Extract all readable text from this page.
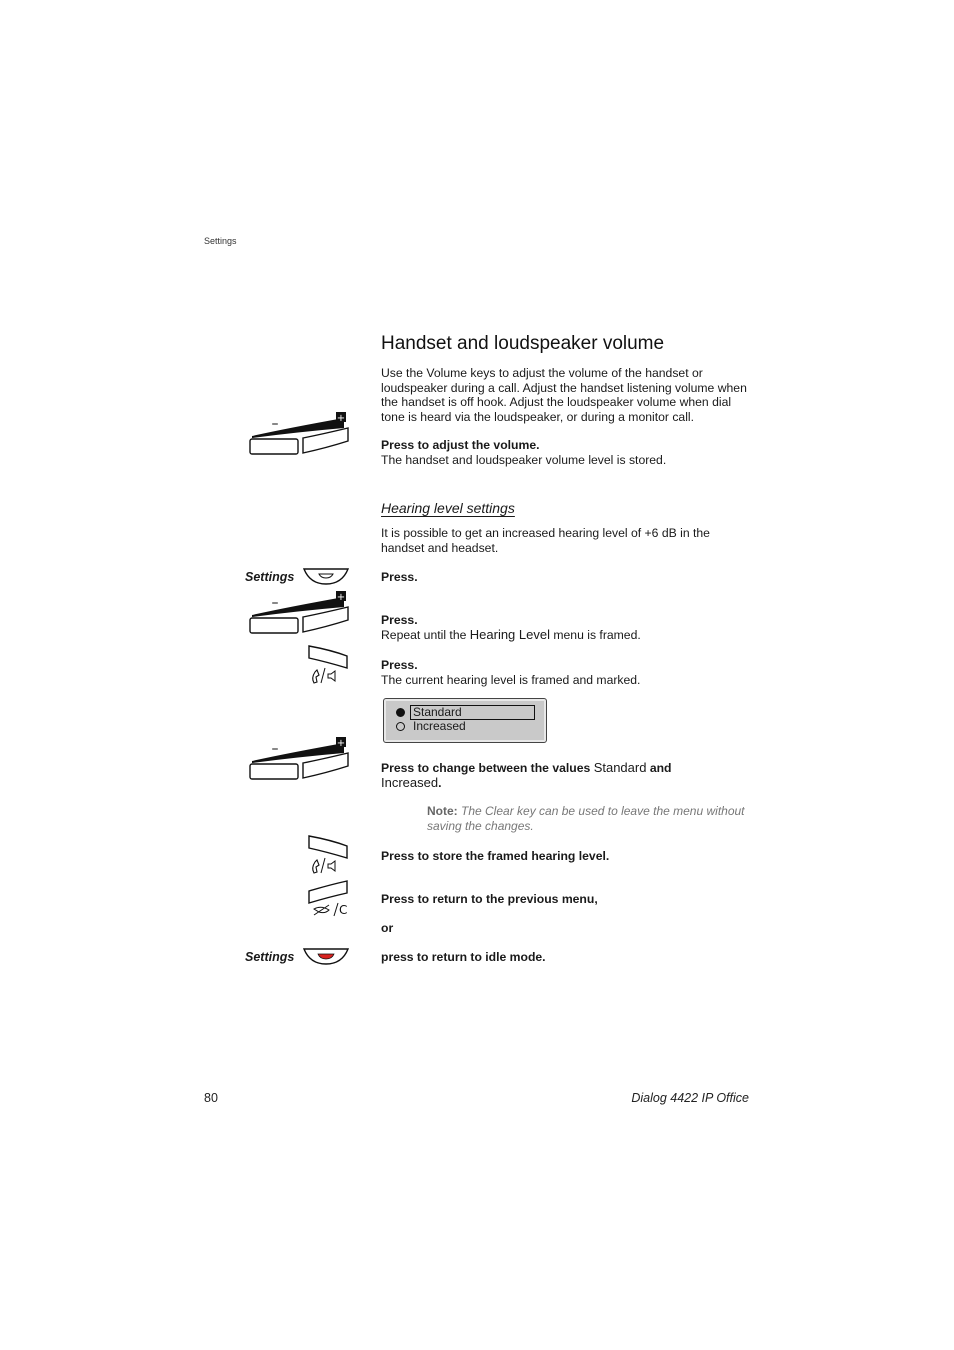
Settings
Handset and loudspeaker volume
Use the Volume keys to adjust the volume of the handset or loudspeaker during a call. Adjust the handset listening volume when the handset is off hook. Adjust the loudspeaker volume when dial tone is heard via the loudspeaker, or during a monitor call.
+
–
Press to adjust the volume.
The handset and loudspeaker volume level is stored.
Hearing level settings
It is possible to get an increased hearing level of +6 dB in the handset and headset.
Settings	Press.
+
–
Press.
Repeat until the Hearing Level menu is framed.
Press.
The current hearing level is framed and marked.
Standard
Increased
+
–
Press to change between the values Standard and
Increased.
Note: The Clear key can be used to leave the menu without saving the changes.
Press to store the framed hearing level.
C
Press to return to the previous menu,
or
Settings	press to return to idle mode.
80	Dialog 4422 IP Office
